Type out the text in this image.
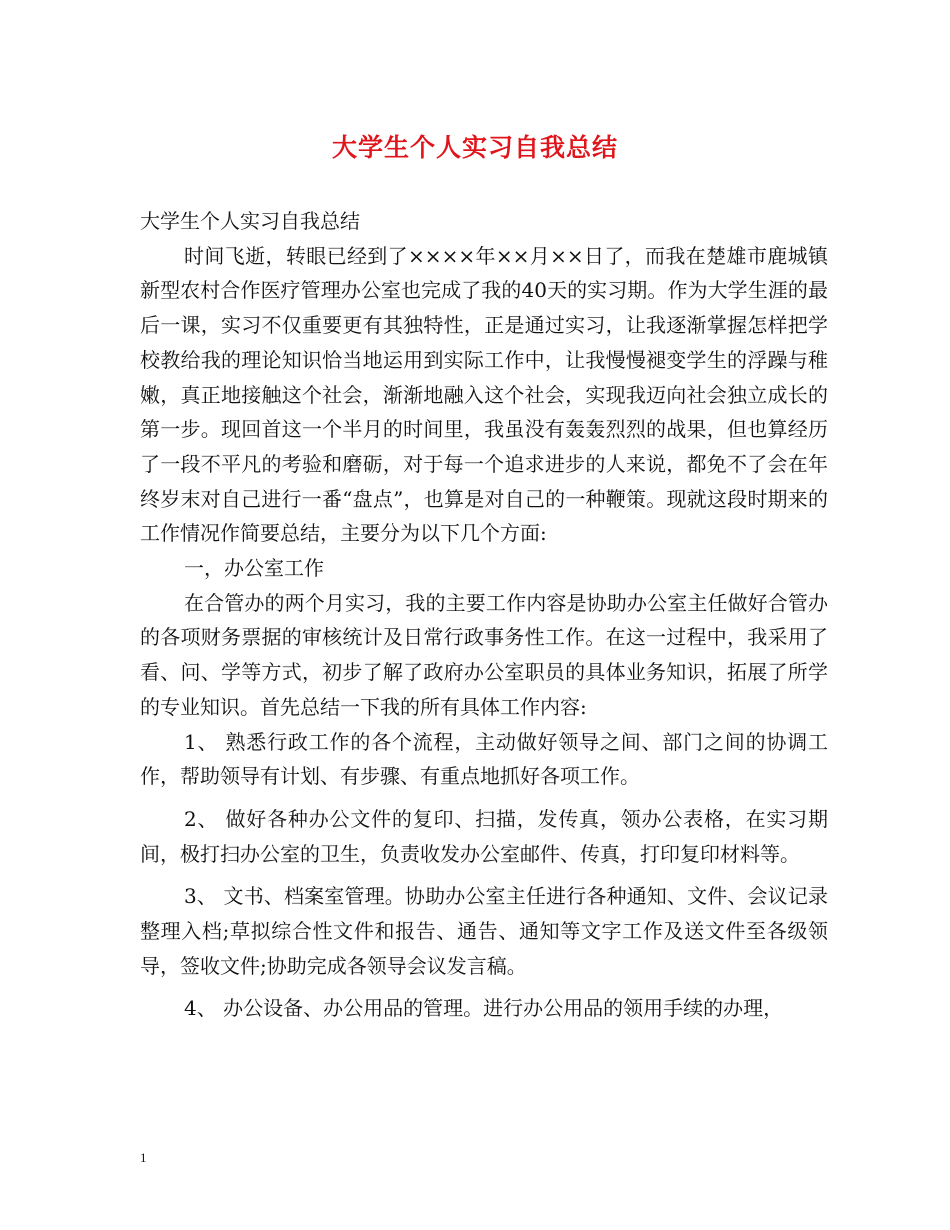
大学生个人实习自我总结

大学生个人实习自我总结

时间飞逝，转眼已经到了××××年××月××日了，而我在楚雄市鹿城镇新型农村合作医疗管理办公室也完成了我的40天的实习期。作为大学生涯的最后一课，实习不仅重要更有其独特性，正是通过实习，让我逐渐掌握怎样把学校教给我的理论知识恰当地运用到实际工作中，让我慢慢褪变学生的浮躁与稚嫩，真正地接触这个社会，渐渐地融入这个社会，实现我迈向社会独立成长的第一步。现回首这一个半月的时间里，我虽没有轰轰烈烈的战果，但也算经历了一段不平凡的考验和磨砺，对于每一个追求进步的人来说，都免不了会在年终岁末对自己进行一番“盘点”，也算是对自己的一种鞭策。现就这段时期来的工作情况作简要总结，主要分为以下几个方面:

一，办公室工作

在合管办的两个月实习，我的主要工作内容是协助办公室主任做好合管办的各项财务票据的审核统计及日常行政事务性工作。在这一过程中，我采用了看、问、学等方式，初步了解了政府办公室职员的具体业务知识，拓展了所学的专业知识。首先总结一下我的所有具体工作内容:

1、 熟悉行政工作的各个流程，主动做好领导之间、部门之间的协调工作，帮助领导有计划、有步骤、有重点地抓好各项工作。

2、 做好各种办公文件的复印、扫描，发传真，领办公表格，在实习期间，极打扫办公室的卫生，负责收发办公室邮件、传真，打印复印材料等。

3、 文书、档案室管理。协助办公室主任进行各种通知、文件、会议记录整理入档;草拟综合性文件和报告、通告、通知等文字工作及送文件至各级领导，签收文件;协助完成各领导会议发言稿。

4、 办公设备、办公用品的管理。进行办公用品的领用手续的办理，

1
